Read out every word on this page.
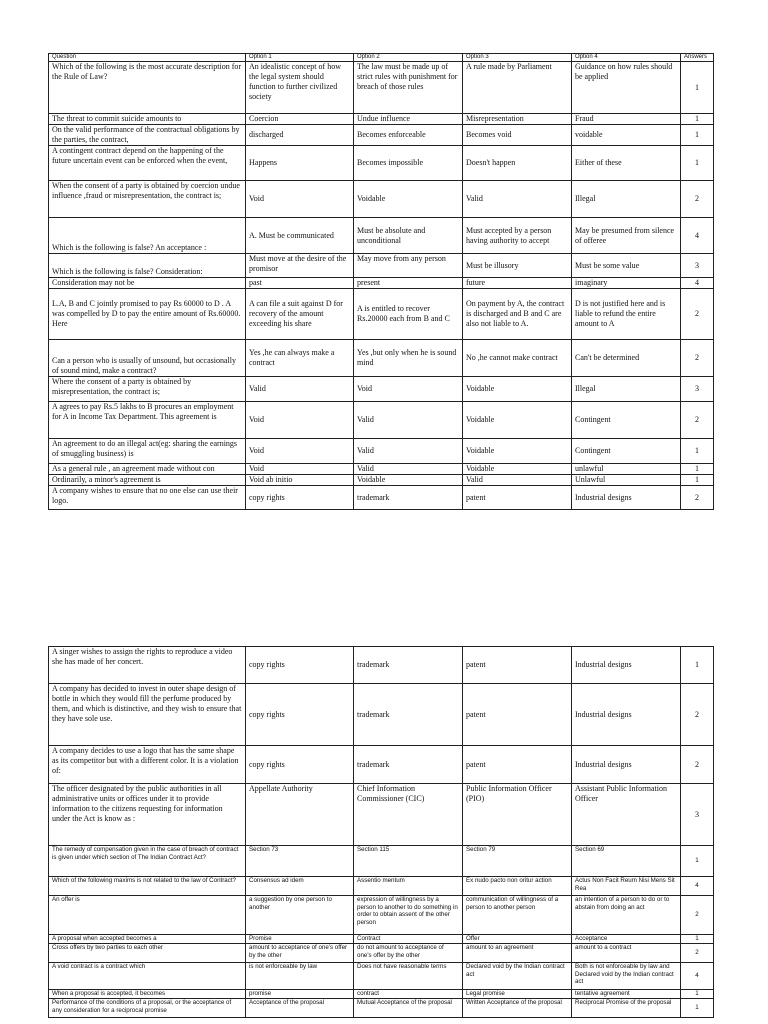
Question	Option 1	Option 2	Option 3	Option 4	Answers
Which of the following is the most accurate description for the Rule of Law?	An idealistic concept of how the legal system should function to further civilized society	The law must be made up of strict rules with punishment for breach of those rules	A rule made by Parliament	Guidance on how rules should be applied	1
The threat to commit suicide amounts to	Coercion	Undue influence	Misrepresentation	Fraud	1
On the valid performance of the contractual obligations by the parties, the contract,	discharged	Becomes enforceable	Becomes void	voidable	1
A contingent contract depend on the happening of the future uncertain event can be enforced when the event,	Happens	Becomes impossible	Doesn't happen	Either of these	1
When the consent of a party is obtained by coercion undue influence ,fraud or misrepresentation, the contract is;	Void	Voidable	Valid	Illegal	2
Which is the following is false? An acceptance :	A. Must be communicated	Must be absolute and unconditional	Must accepted by a person having authority to accept	May be presumed from silence of offeree	4
Which is the following is false? Consideration:	Must move at the desire of the promisor	May move from any person	Must be illusory	Must be some value	3
Consideration may not be	past	present	future	imaginary	4
L.A, B and C jointly promised to pay Rs 60000 to D . A was compelled by D to pay the entire amount of Rs.60000. Here	A can file a suit against D for recovery of the amount exceeding his share	A is entitled to recover Rs.20000 each from B and C	On payment by A, the contract is discharged and B and C are also not liable to A.	D is not justified here and is liable to refund the entire amount to A	2
Can a person who is usually of unsound, but occasionally of sound mind, make a contract?	Yes ,he can always make a contract	Yes ,but only when he is sound mind	No ,he cannot make contract	Can't be determined	2
Where the consent of a party is obtained by misrepresentation, the contract is;	Valid	Void	Voidable	Illegal	3
A agrees to pay Rs.5 lakhs to B procures an employment for A in Income Tax Department. This agreement is	Void	Valid	Voidable	Contingent	2
An agreement to do an illegal act(eg: sharing the earnings of smuggling business) is	Void	Valid	Voidable	Contingent	1
As a general rule , an agreement made without con	Void	Valid	Voidable	unlawful	1
Ordinarily, a minor's agreement is	Void ab initio	Voidable	Valid	Unlawful	1
A company wishes to ensure that no one else can use their logo.	copy rights	trademark	patent	Industrial designs	2
A singer wishes to assign the rights to reproduce a video she has made of her concert.	copy rights	trademark	patent	Industrial designs	1
A company has decided to invest in outer shape design of bottle in which they would fill the perfume produced by them, and which is distinctive, and they wish to ensure that they have sole use.	copy rights	trademark	patent	Industrial designs	2
A company decides to use a logo that has the same shape as its competitor but with a different color. It is a violation of:	copy rights	trademark	patent	Industrial designs	2
The officer designated by the public authorities in all administrative units or offices under it to provide information to the citizens requesting for information under the Act is know as :	Appellate Authority	Chief Information Commissioner (CIC)	Public Information Officer (PIO)	Assistant Public Information Officer	3
The remedy of compensation given in the case of breach of contract is given under which section of The Indian Contract Act?	Section 73	Section 115	Section 79	Section 69	1
Which of the following maxims is not related to the law of Contract?	Consensus ad idem	Assentio mentum	Ex nudo pacto non oritur action	Actus Non Facit Reum Nisi Mens Sit Rea	4
An offer is	a suggestion by one person to another	expression of willingness by a person to another to do something in order to obtain assent of the other person	communication of willingness of a person to another person	an intention of a person to do or to abstain from doing an act	2
A proposal when accepted becomes a	Promise	Contract	Offer	Acceptance	1
Cross offers by two parties to each other	amount to acceptance of one's offer by the other	do not amount to acceptance of one's offer by the other	amount to an agreement	amount to a contract	2
A void contract is a contract which	is not enforceable by law	Does not have reasonable terms	Declared void by the Indian contract act	Both is not enforceable by law and Declared void by the Indian contract act	4
When a proposal is accepted, it becomes	promise	contract	Legal promise	tentative agreement	1
Performance of the conditions of a proposal, or the acceptance of any consideration for a reciprocal promise	Acceptance of the proposal	Mutual Acceptance of the proposal	Written Acceptance of the proposal	Reciprocal Promise of the proposal	1
